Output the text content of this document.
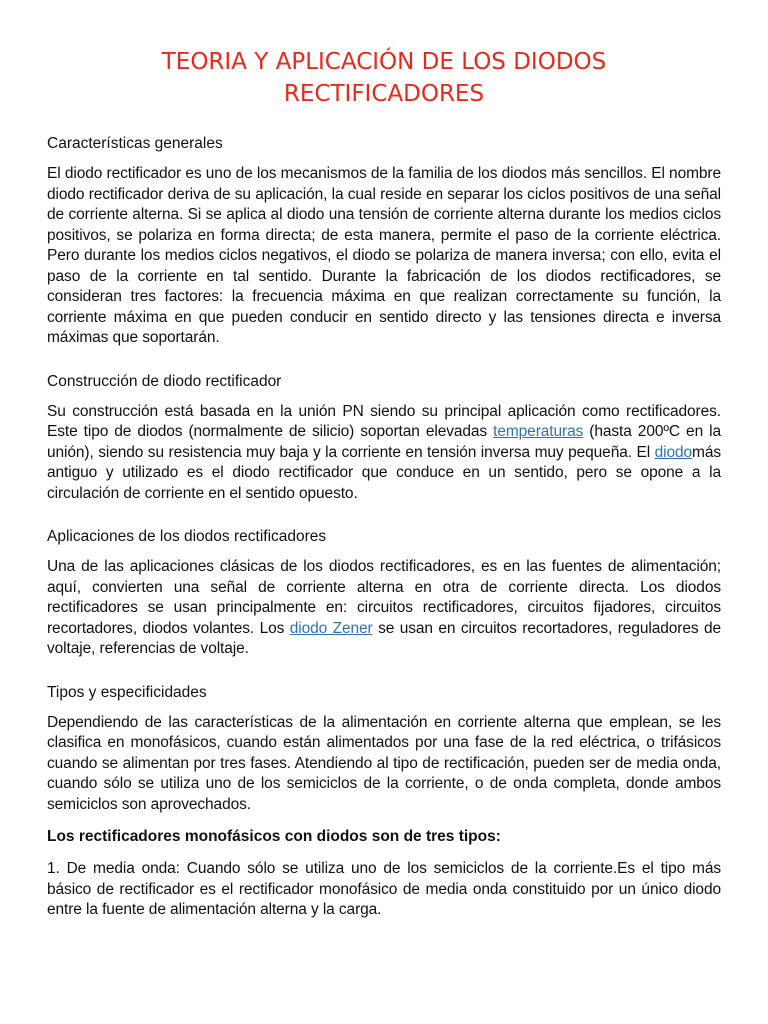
TEORIA Y APLICACIÓN DE LOS DIODOS
RECTIFICADORES
Características generales

El diodo rectificador es uno de los mecanismos de la familia de los diodos más sencillos. El nombre diodo rectificador deriva de su aplicación, la cual reside en separar los ciclos positivos de una señal de corriente alterna. Si se aplica al diodo una tensión de corriente alterna durante los medios ciclos positivos, se polariza en forma directa; de esta manera, permite el paso de la corriente eléctrica. Pero durante los medios ciclos negativos, el diodo se polariza de manera inversa; con ello, evita el paso de la corriente en tal sentido. Durante la fabricación de los diodos rectificadores, se consideran tres factores: la frecuencia máxima en que realizan correctamente su función, la corriente máxima en que pueden conducir en sentido directo y las tensiones directa e inversa máximas que soportarán.

Construcción de diodo rectificador

Su construcción está basada en la unión PN siendo su principal aplicación como rectificadores. Este tipo de diodos (normalmente de silicio) soportan elevadas temperaturas (hasta 200ºC en la unión), siendo su resistencia muy baja y la corriente en tensión inversa muy pequeña. El diodomás antiguo y utilizado es el diodo rectificador que conduce en un sentido, pero se opone a la circulación de corriente en el sentido opuesto.

Aplicaciones de los diodos rectificadores

Una de las aplicaciones clásicas de los diodos rectificadores, es en las fuentes de alimentación; aquí, convierten una señal de corriente alterna en otra de corriente directa. Los diodos rectificadores se usan principalmente en: circuitos rectificadores, circuitos fijadores, circuitos recortadores, diodos volantes. Los diodo Zener se usan en circuitos recortadores, reguladores de voltaje, referencias de voltaje.

Tipos y especificidades

Dependiendo de las características de la alimentación en corriente alterna que emplean, se les clasifica en monofásicos, cuando están alimentados por una fase de la red eléctrica, o trifásicos cuando se alimentan por tres fases. Atendiendo al tipo de rectificación, pueden ser de media onda, cuando sólo se utiliza uno de los semiciclos de la corriente, o de onda completa, donde ambos semiciclos son aprovechados.

Los rectificadores monofásicos con diodos son de tres tipos:

1. De media onda: Cuando sólo se utiliza uno de los semiciclos de la corriente.Es el tipo más básico de rectificador es el rectificador monofásico de media onda constituido por un único diodo entre la fuente de alimentación alterna y la carga.
